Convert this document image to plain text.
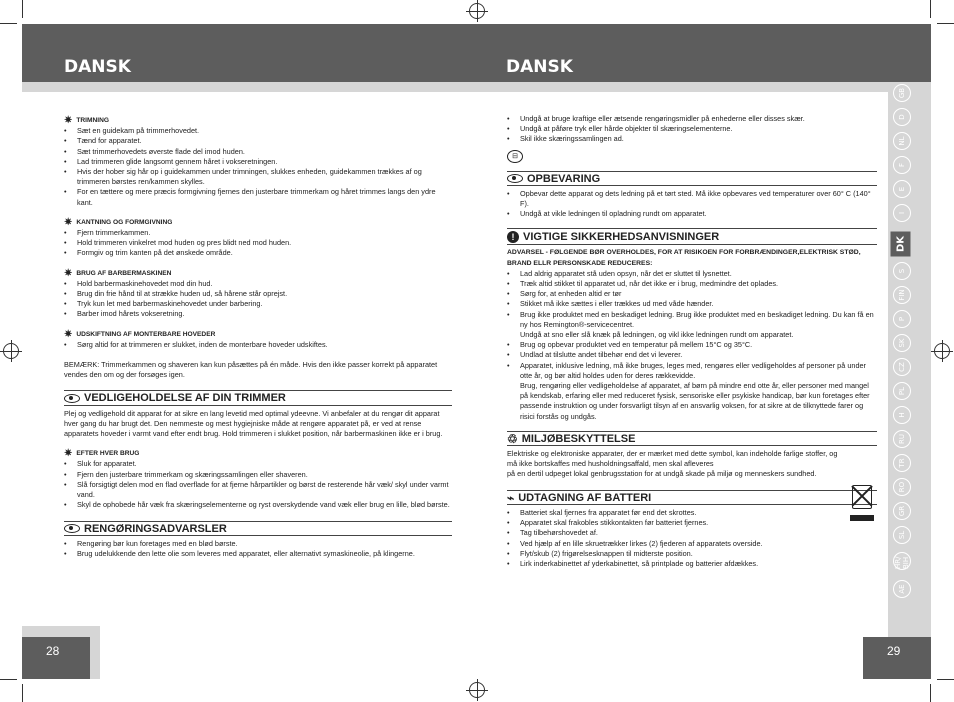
DANSK	DANSK
GB
D
NL
F
E
I
DK
S
FIN
P
SK
CZ
PL
H
RU
TR
RO
GR
SL
HR/ BIH
AE
28	29
✷ TRIMNING
• Sæt en guidekam på trimmerhovedet.
• Tænd for apparatet.
• Sæt trimmerhovedets øverste flade del imod huden.
• Lad trimmeren glide langsomt gennem håret i vokseretningen.
• Hvis der hober sig hår op i guidekammen under trimningen, slukkes enheden, guidekammen trækkes af og trimmeren børstes ren/kammen skylles.
• For en tættere og mere præcis formgivning fjernes den justerbare trimmerkam og håret trimmes langs den ydre kant.
✷ KANTNING OG FORMGIVNING
• Fjern trimmerkammen.
• Hold trimmeren vinkelret mod huden og pres blidt ned mod huden.
• Formgiv og trim kanten på det ønskede område.
✷ BRUG AF BARBERMASKINEN
• Hold barbermaskinehovedet mod din hud.
• Brug din frie hånd til at strække huden ud, så hårene står oprejst.
• Tryk kun let med barbermaskinehovedet under barbering.
• Barber imod hårets vokseretning.
✷ UDSKIFTNING AF MONTERBARE HOVEDER
• Sørg altid for at trimmeren er slukket, inden de monterbare hoveder udskiftes.
BEMÆRK: Trimmerkammen og shaveren kan kun påsættes på én måde. Hvis den ikke passer korrekt på apparatet vendes den om og der forsøges igen.
VEDLIGEHOLDELSE AF DIN TRIMMER
Plej og vedligehold dit apparat for at sikre en lang levetid med optimal ydeevne. Vi anbefaler at du rengør dit apparat hver gang du har brugt det. Den nemmeste og mest hygiejniske måde at rengøre apparatet på, er ved at rense apparatets hoveder i varmt vand efter endt brug. Hold trimmeren i slukket position, når barbermaskinen ikke er i brug.
✷ EFTER HVER BRUG
• Sluk for apparatet.
• Fjern den justerbare trimmerkam og skæringssamlingen eller shaveren.
• Slå forsigtigt delen mod en flad overflade for at fjerne hårpartikler og børst de resterende hår væk/ skyl under varmt vand.
• Skyl de ophobede hår væk fra skæringselementerne og ryst overskydende vand væk eller brug en lille, blød børste.
RENGØRINGSADVARSLER
• Rengøring bør kun foretages med en blød børste.
• Brug udelukkende den lette olie som leveres med apparatet, eller alternativt symaskineolie, på klingerne.
• Undgå at bruge kraftige eller ætsende rengøringsmidler på enhederne eller disses skær.
• Undgå at påføre tryk eller hårde objekter til skæringselementerne.
• Skil ikke skæringssamlingen ad.
⊟
OPBEVARING
• Opbevar dette apparat og dets ledning på et tørt sted. Må ikke opbevares ved temperaturer over 60° C (140° F).
• Undgå at vikle ledningen til opladning rundt om apparatet.
! VIGTIGE SIKKERHEDSANVISNINGER
ADVARSEL - FØLGENDE BØR OVERHOLDES, FOR AT RISIKOEN FOR FORBRÆNDINGER,ELEKTRISK STØD, BRAND ELLR PERSONSKADE REDUCERES:
• Lad aldrig apparatet stå uden opsyn, når det er sluttet til lysnettet.
• Træk altid stikket til apparatet ud, når det ikke er i brug, medmindre det oplades.
• Sørg for, at enheden altid er tør
• Stikket må ikke sættes i eller trækkes ud med våde hænder.
• Brug ikke produktet med en beskadiget ledning. Brug ikke produktet med en beskadiget ledning. Du kan få en ny hos Remington®-servicecentret.
Undgå at sno eller slå knæk på ledningen, og vikl ikke ledningen rundt om apparatet.
• Brug og opbevar produktet ved en temperatur på mellem 15°C og 35°C.
• Undlad at tilslutte andet tilbehør end det vi leverer.
• Apparatet, inklusive ledning, må ikke bruges, leges med, rengøres eller vedligeholdes af personer på under otte år, og bør altid holdes uden for deres rækkevidde.
Brug, rengøring eller vedligeholdelse af apparatet, af børn på mindre end otte år, eller personer med mangel på kendskab, erfaring eller med reduceret fysisk, sensoriske eller psykiske handicap, bør kun foretages efter passende instruktion og under forsvarligt tilsyn af en ansvarlig voksen, for at sikre at de tilknyttede farer og risici forstås og undgås.
♲ MILJØBESKYTTELSE
Elektriske og elektroniske apparater, der er mærket med dette symbol, kan indeholde farlige stoffer, og må ikke bortskaffes med husholdningsaffald, men skal afleveres
på en dertil udpeget lokal genbrugsstation for at undgå skade på miljø og menneskers sundhed.
⌁ UDTAGNING AF BATTERI
• Batteriet skal fjernes fra apparatet før end det skrottes.
• Apparatet skal frakobles stikkontakten før batteriet fjernes.
• Tag tilbehørshovedet af.
• Ved hjælp af en lille skruetrækker lirkes (2) fjederen af apparatets overside.
• Flyt/skub (2) frigørelsesknappen til midterste position.
• Lirk inderkabinettet af yderkabinettet, så printplade og batterier afdækkes.
